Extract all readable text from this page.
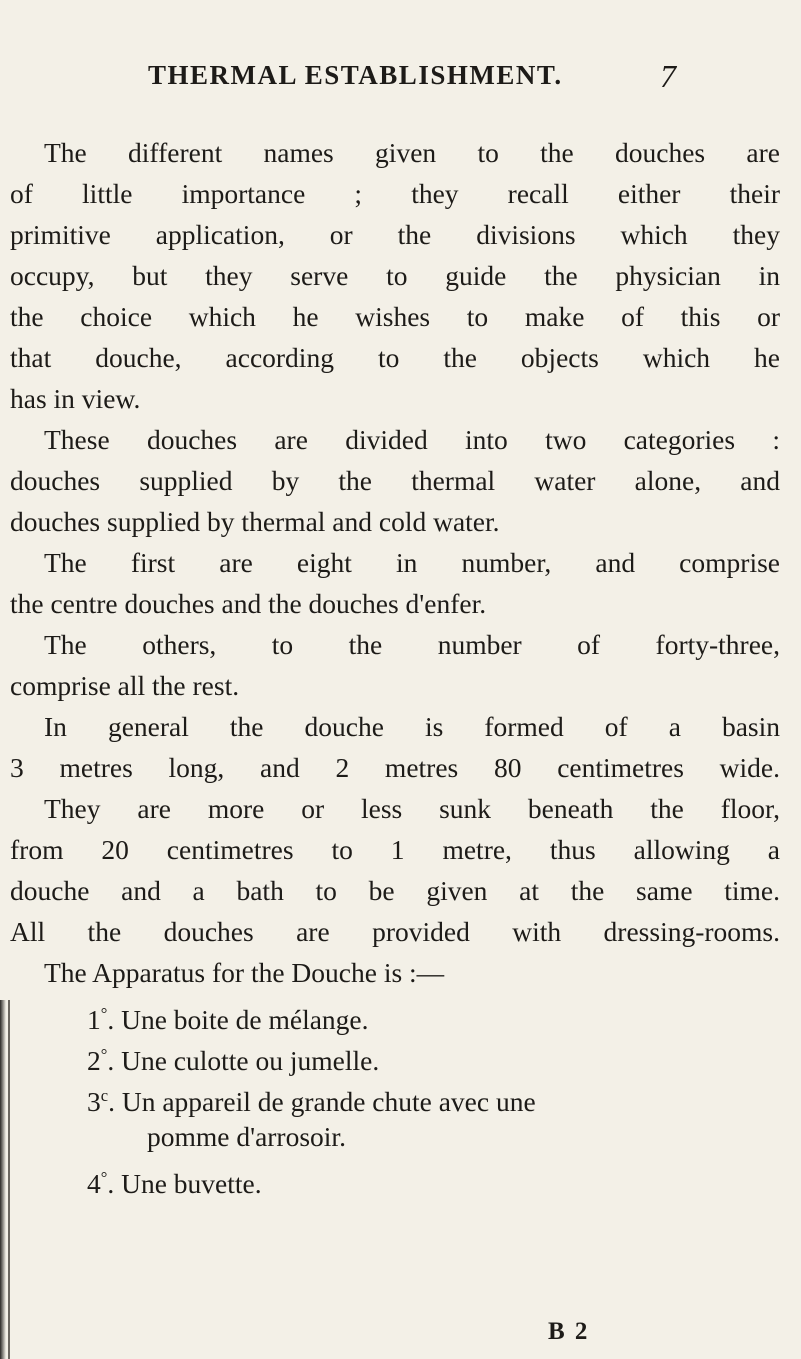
THERMAL ESTABLISHMENT.	7
The different names given to the douches are
of little importance ; they recall either their
primitive application, or the divisions which they
occupy, but they serve to guide the physician in
the choice which he wishes to make of this or
that douche, according to the objects which he
has in view.
These douches are divided into two categories :
douches supplied by the thermal water alone, and
douches supplied by thermal and cold water.
The first are eight in number, and comprise
the centre douches and the douches d'enfer.
The others, to the number of forty-three,
comprise all the rest.
In general the douche is formed of a basin
3 metres long, and 2 metres 80 centimetres wide.
They are more or less sunk beneath the floor,
from 20 centimetres to 1 metre, thus allowing a
douche and a bath to be given at the same time.
All the douches are provided with dressing-rooms.
The Apparatus for the Douche is :—
1°. Une boite de mélange.
2°. Une culotte ou jumelle.
3$^c$. Un appareil de grande chute avec une
pomme d'arrosoir.
4°. Une buvette.
B 2
